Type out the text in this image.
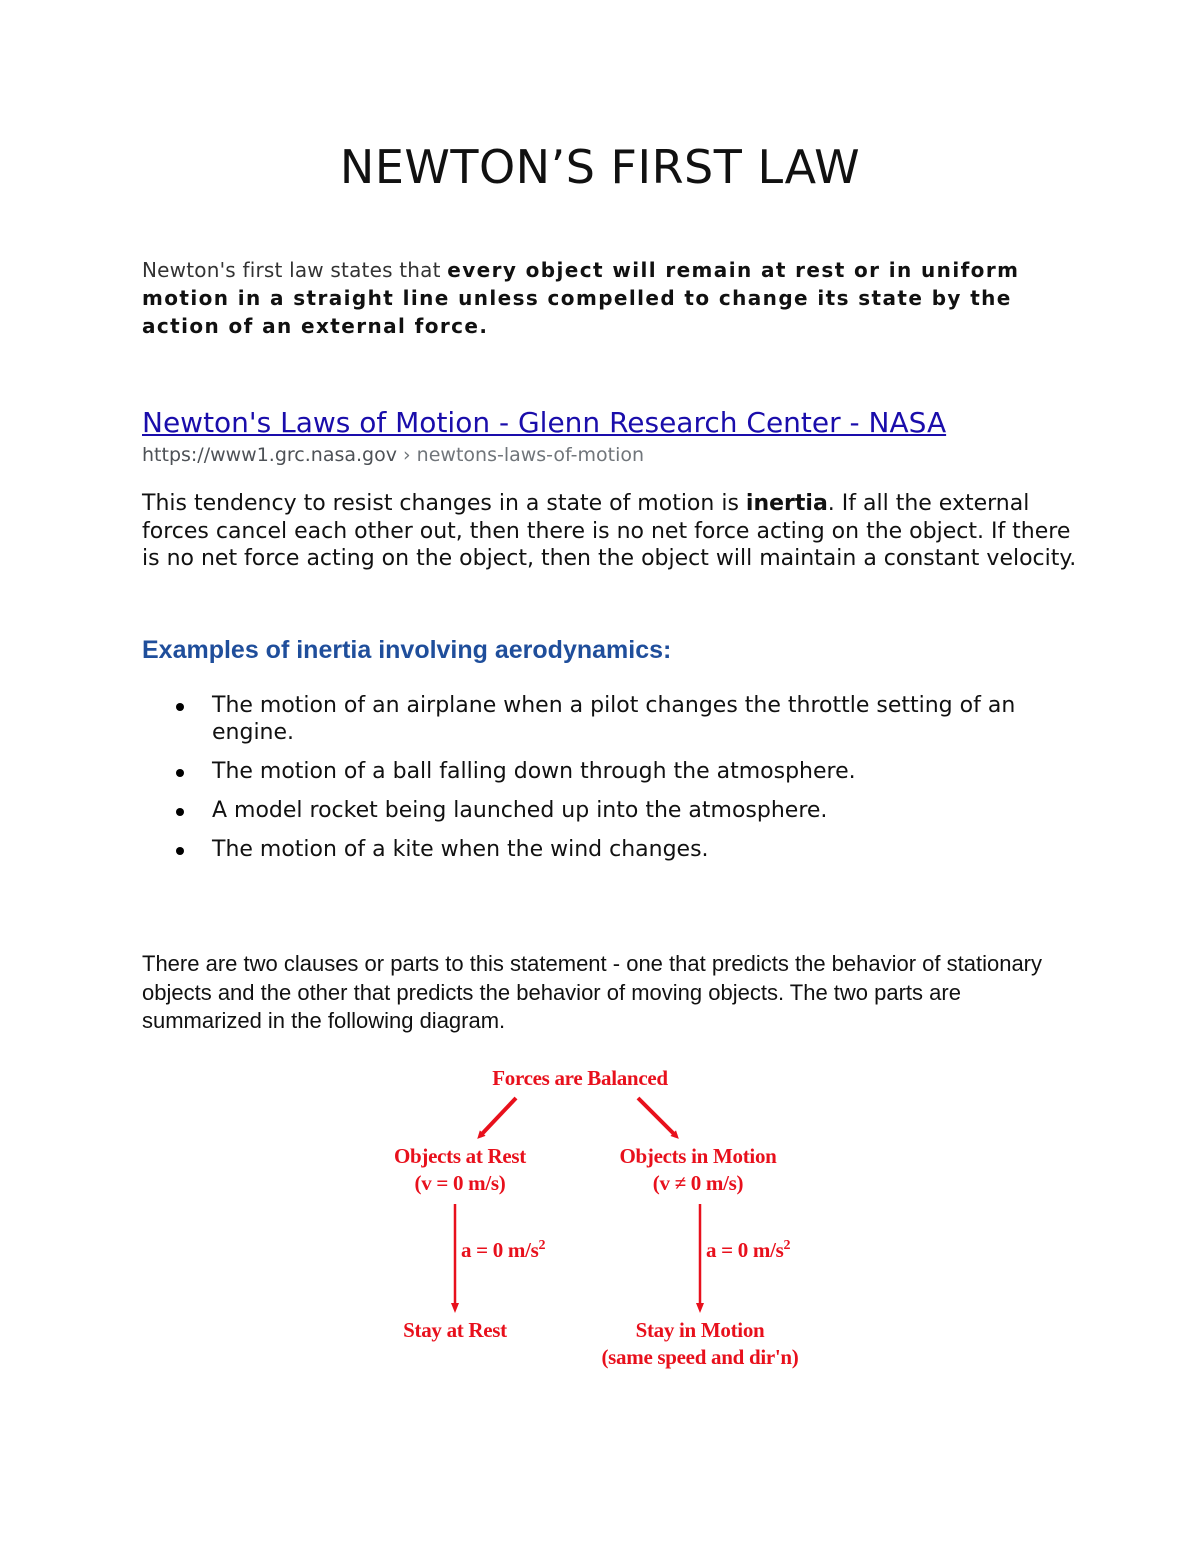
NEWTON’S FIRST LAW

Newton's first law states that every object will remain at rest or in uniform motion in a straight line unless compelled to change its state by the action of an external force.

Newton's Laws of Motion - Glenn Research Center - NASA
https://www1.grc.nasa.gov › newtons-laws-of-motion

This tendency to resist changes in a state of motion is inertia. If all the external forces cancel each other out, then there is no net force acting on the object. If there is no net force acting on the object, then the object will maintain a constant velocity.

Examples of inertia involving aerodynamics:
The motion of an airplane when a pilot changes the throttle setting of an engine.
The motion of a ball falling down through the atmosphere.
A model rocket being launched up into the atmosphere.
The motion of a kite when the wind changes.

There are two clauses or parts to this statement - one that predicts the behavior of stationary objects and the other that predicts the behavior of moving objects. The two parts are summarized in the following diagram.

Forces are Balanced
Objects at Rest
(v = 0 m/s)
Objects in Motion
(v ≠ 0 m/s)
a = 0 $m/s^2$	a = 0 $m/s^2$
Stay at Rest	Stay in Motion
(same speed and dir'n)
